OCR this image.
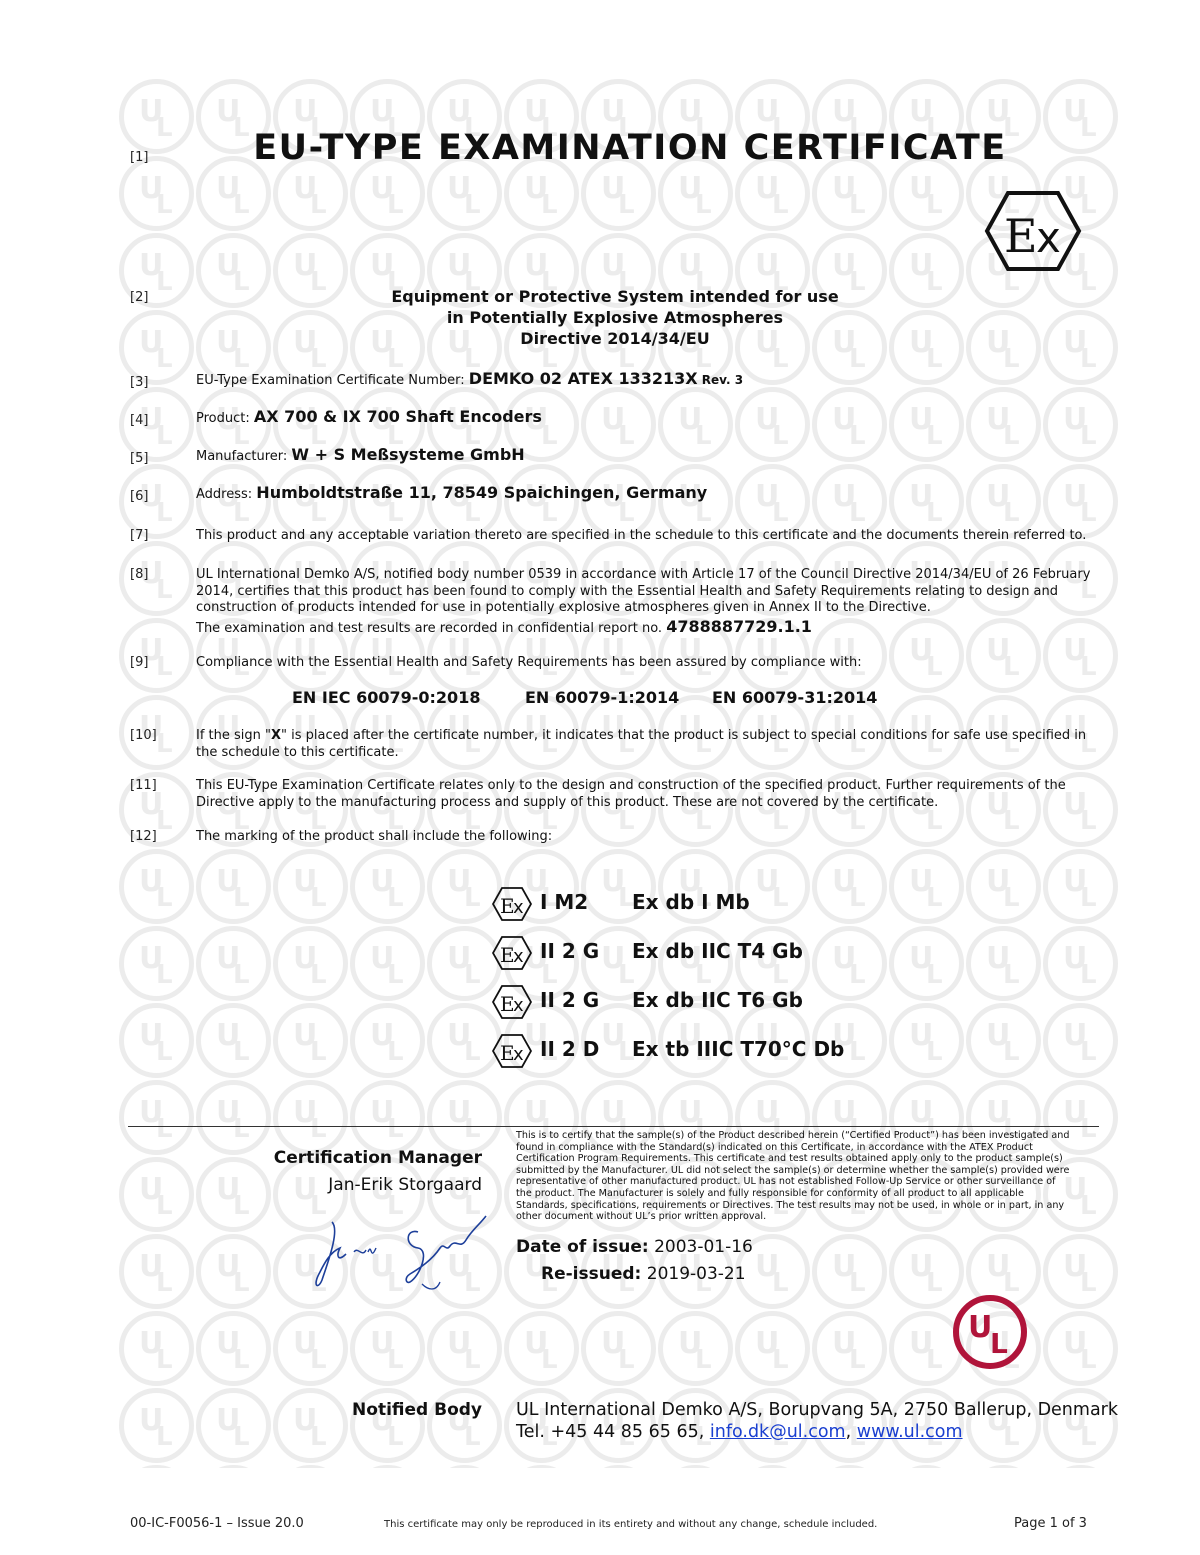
[1]	EU-TYPE EXAMINATION CERTIFICATE
E
x
[2]	Equipment or Protective System intended for use
in Potentially Explosive Atmospheres
Directive 2014/34/EU
[3]	EU-Type Examination Certificate Number: DEMKO 02 ATEX 133213X Rev. 3
[4]	Product: AX 700 & IX 700 Shaft Encoders
[5]	Manufacturer: W + S Meßsysteme GmbH
[6]	Address: Humboldtstraße 11, 78549 Spaichingen, Germany
[7]	This product and any acceptable variation thereto are specified in the schedule to this certificate and the documents therein referred to.
[8]	UL International Demko A/S, notified body number 0539 in accordance with Article 17 of the Council Directive 2014/34/EU of 26 February 2014, certifies that this product has been found to comply with the Essential Health and Safety Requirements relating to design and construction of products intended for use in potentially explosive atmospheres given in Annex II to the Directive.
The examination and test results are recorded in confidential report no. 4788887729.1.1
[9]	Compliance with the Essential Health and Safety Requirements has been assured by compliance with:
EN IEC 60079-0:2018	EN 60079-1:2014 EN 60079-31:2014
[10]	If the sign "X" is placed after the certificate number, it indicates that the product is subject to special conditions for safe use specified in the schedule to this certificate.
[11]	This EU-Type Examination Certificate relates only to the design and construction of the specified product. Further requirements of the Directive apply to the manufacturing process and supply of this product. These are not covered by the certificate.
[12]	The marking of the product shall include the following:
E
x I M2 Ex db I Mb
E
x II 2 G Ex db IIC T4 Gb
E
x II 2 G Ex db IIC T6 Gb
E
x II 2 D Ex tb IIIC T70°C Db
Certification Manager
Jan-Erik Storgaard
This is to certify that the sample(s) of the Product described herein (“Certified Product”) has been investigated and found in compliance with the Standard(s) indicated on this Certificate, in accordance with the ATEX Product Certification Program Requirements. This certificate and test results obtained apply only to the product sample(s) submitted by the Manufacturer. UL did not select the sample(s) or determine whether the sample(s) provided were representative of other manufactured product. UL has not established Follow-Up Service or other surveillance of the product. The Manufacturer is solely and fully responsible for conformity of all product to all applicable Standards, specifications, requirements or Directives. The test results may not be used, in whole or in part, in any other document without UL’s prior written approval.
Date of issue: 2003-01-16
Re-issued: 2019-03-21
U
L
Notified Body UL International Demko A/S, Borupvang 5A, 2750 Ballerup, Denmark
Tel. +45 44 85 65 65, info.dk@ul.com, www.ul.com
00-IC-F0056-1 – Issue 20.0	This certificate may only be reproduced in its entirety and without any change, schedule included.	Page 1 of 3
